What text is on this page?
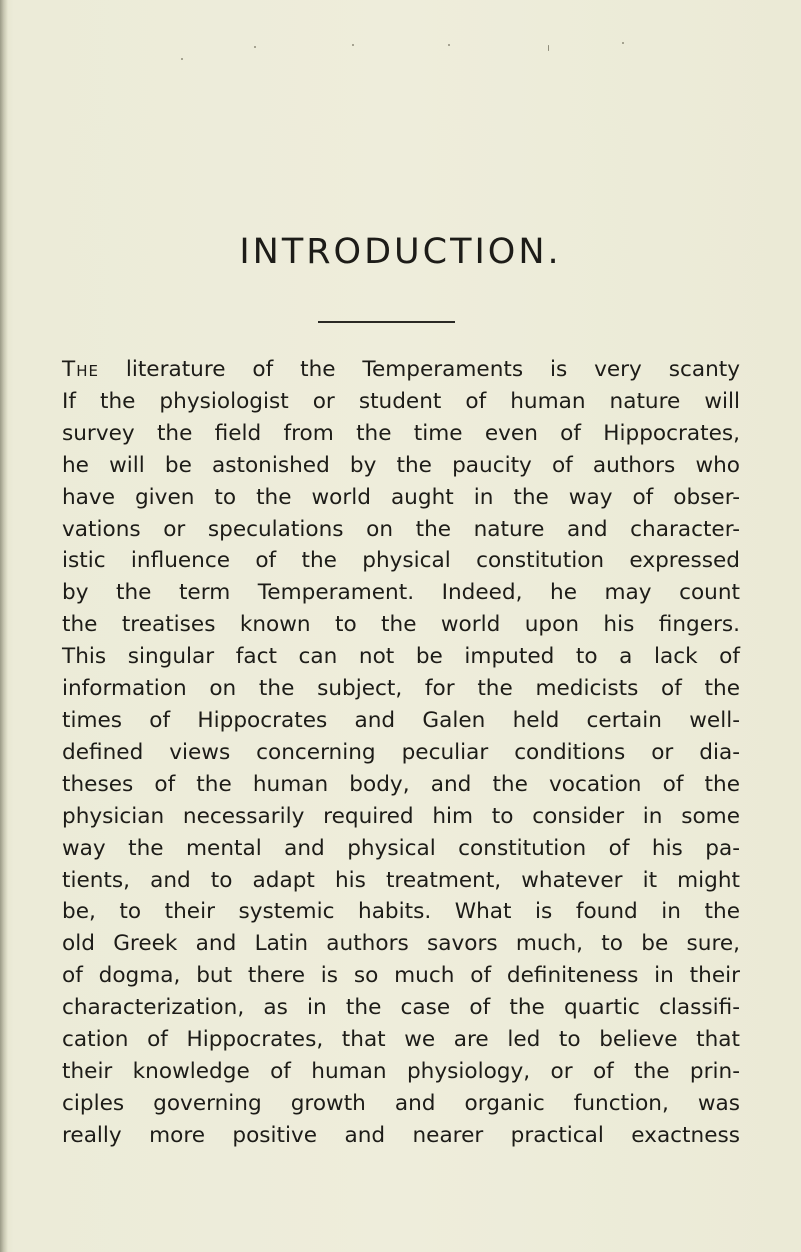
INTRODUCTION.
The literature of the Temperaments is very scanty
If the physiologist or student of human nature will
survey the field from the time even of Hippocrates,
he will be astonished by the paucity of authors who
have given to the world aught in the way of obser-
vations or speculations on the nature and character-
istic influence of the physical constitution expressed
by the term Temperament. Indeed, he may count
the treatises known to the world upon his fingers.
This singular fact can not be imputed to a lack of
information on the subject, for the medicists of the
times of Hippocrates and Galen held certain well-
defined views concerning peculiar conditions or dia-
theses of the human body, and the vocation of the
physician necessarily required him to consider in some
way the mental and physical constitution of his pa-
tients, and to adapt his treatment, whatever it might
be, to their systemic habits. What is found in the
old Greek and Latin authors savors much, to be sure,
of dogma, but there is so much of definiteness in their
characterization, as in the case of the quartic classifi-
cation of Hippocrates, that we are led to believe that
their knowledge of human physiology, or of the prin-
ciples governing growth and organic function, was
really more positive and nearer practical exactness
